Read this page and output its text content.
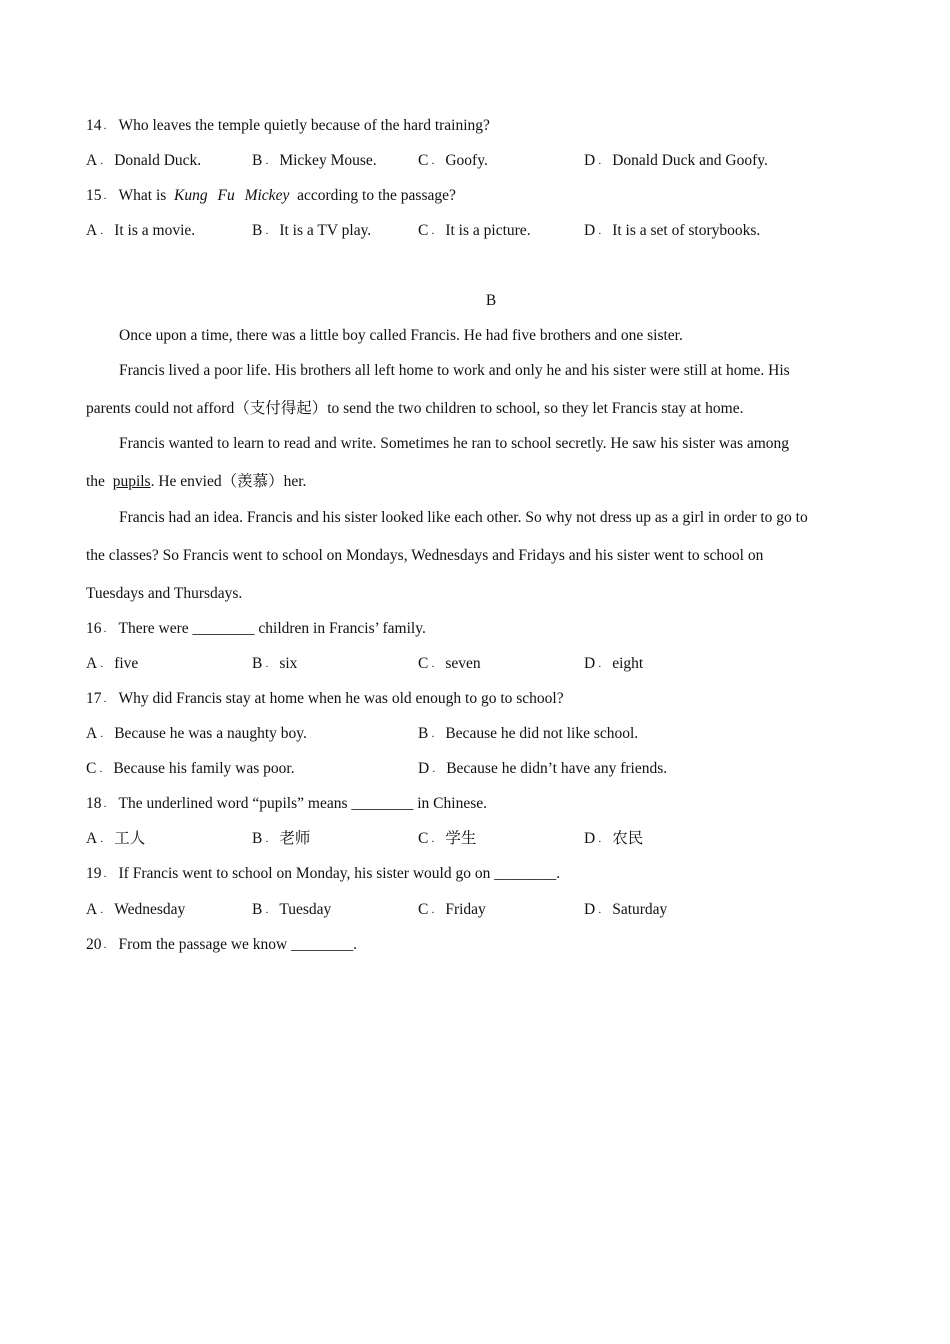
14 ． Who leaves the temple quietly because of the hard training?
A ． Donald Duck.	B ． Mickey Mouse.	C ． Goofy.	D ． Donald Duck and Goofy.
15 ． What is Kung Fu Mickey according to the passage?
A ． It is a movie.	B ． It is a TV play.	C ． It is a picture.	D ． It is a set of storybooks.
B
Once upon a time, there was a little boy called Francis. He had five brothers and one sister.
Francis lived a poor life. His brothers all left home to work and only he and his sister were still at home. His
parents could not afford（支付得起）to send the two children to school, so they let Francis stay at home.
Francis wanted to learn to read and write. Sometimes he ran to school secretly. He saw his sister was among
the pupils. He envied（羡慕）her.
Francis had an idea. Francis and his sister looked like each other. So why not dress up as a girl in order to go to
the classes? So Francis went to school on Mondays, Wednesdays and Fridays and his sister went to school on
Tuesdays and Thursdays.
16 ． There were ________ children in Francis’ family.
A ． five	B ． six	C ． seven	D ． eight
17 ． Why did Francis stay at home when he was old enough to go to school?
A ． Because he was a naughty boy.	B ． Because he did not like school.
C ． Because his family was poor.	D ． Because he didn’t have any friends.
18 ． The underlined word “pupils” means ________ in Chinese.
A ． 工人	B ． 老师	C ． 学生	D ． 农民
19 ． If Francis went to school on Monday, his sister would go on ________.
A ． Wednesday	B ． Tuesday	C ． Friday	D ． Saturday
20 ． From the passage we know ________.
